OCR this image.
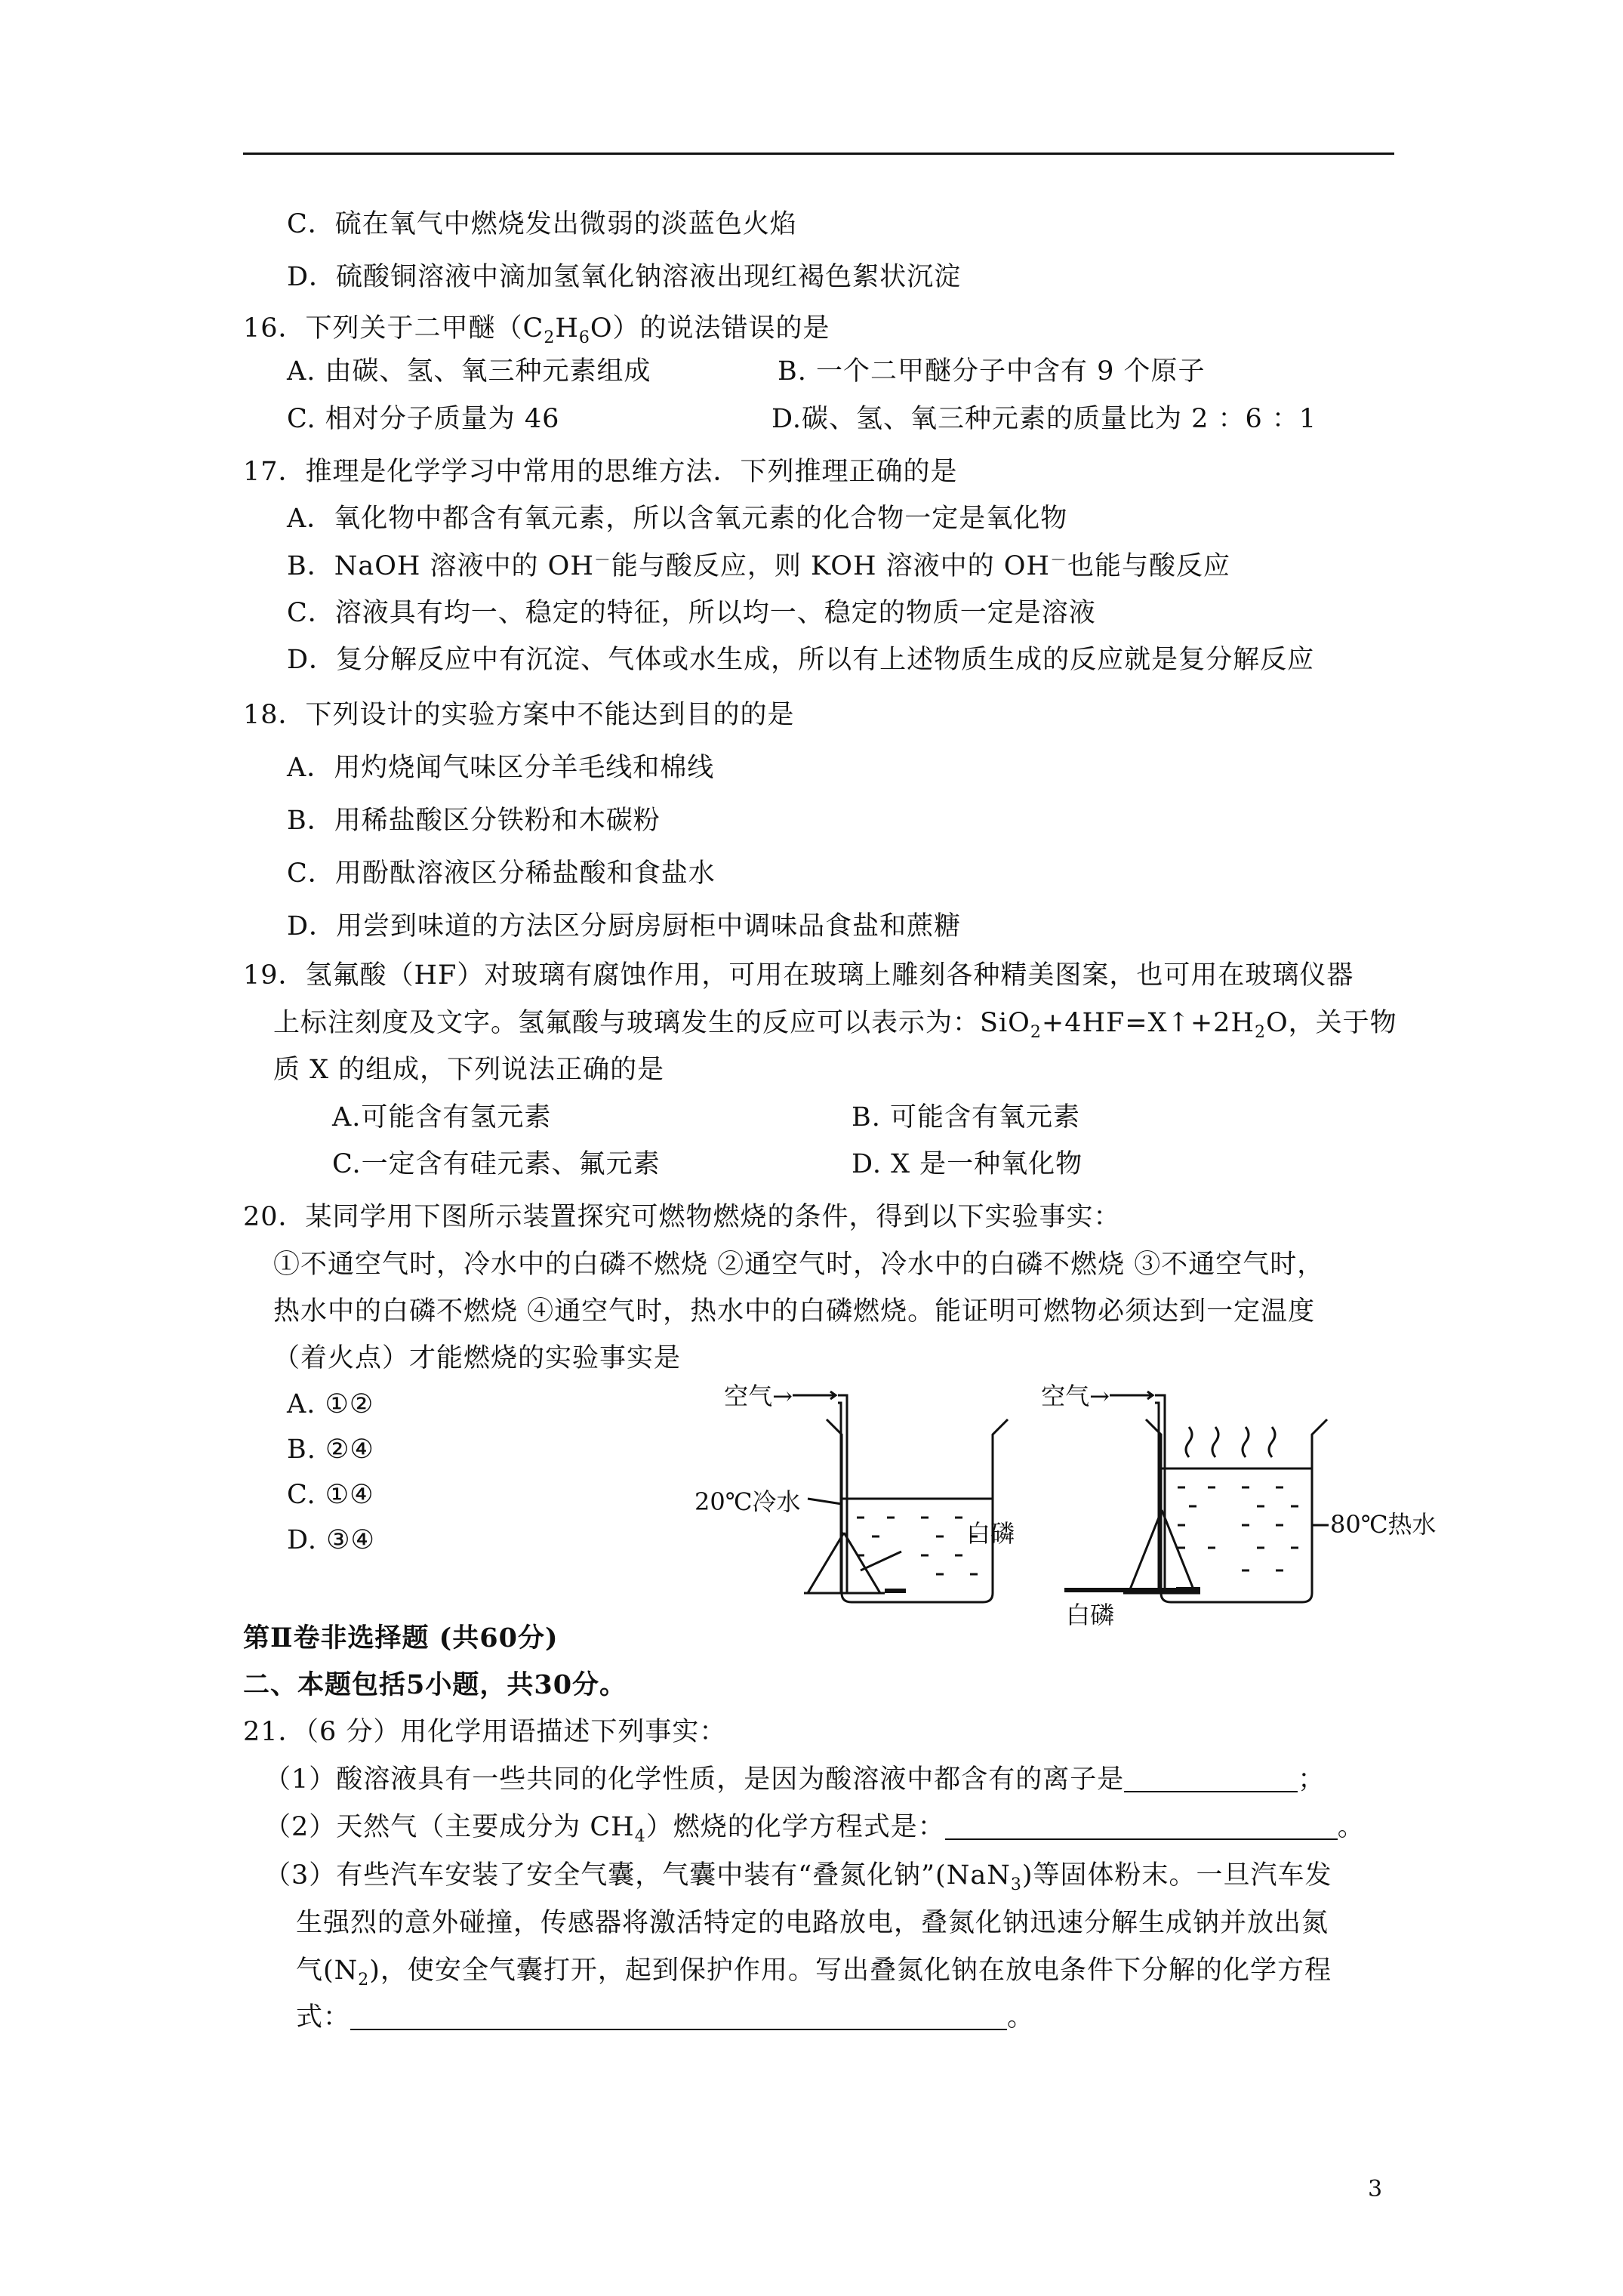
C．硫在氧气中燃烧发出微弱的淡蓝色火焰
D．硫酸铜溶液中滴加氢氧化钠溶液出现红褐色絮状沉淀
16．下列关于二甲醚$(C_2H_6O)$的说法错误的是
A. 由碳、氢、氧三种元素组成	B. 一个二甲醚分子中含有 9 个原子
C. 相对分子质量为 46	D.碳、氢、氧三种元素的质量比为 2 ：6 ：1
17．推理是化学学习中常用的思维方法．下列推理正确的是
A．氧化物中都含有氧元素，所以含氧元素的化合物一定是氧化物
B．NaOH 溶液中的 OH－能与酸反应，则 KOH 溶液中的 OH－也能与酸反应
C．溶液具有均一、稳定的特征，所以均一、稳定的物质一定是溶液
D．复分解反应中有沉淀、气体或水生成，所以有上述物质生成的反应就是复分解反应
18．下列设计的实验方案中不能达到目的的是
A．用灼烧闻气味区分羊毛线和棉线
B．用稀盐酸区分铁粉和木碳粉
C．用酚酞溶液区分稀盐酸和食盐水
D．用尝到味道的方法区分厨房厨柜中调味品食盐和蔗糖
19．氢氟酸（HF）对玻璃有腐蚀作用，可用在玻璃上雕刻各种精美图案，也可用在玻璃仪器
上标注刻度及文字。氢氟酸与玻璃发生的反应可以表示为：$SiO_2+4HF=X↑+2H_2O$，关于物
质 X 的组成，下列说法正确的是
A.可能含有氢元素	B. 可能含有氧元素
C.一定含有硅元素、氟元素	D. X 是一种氧化物
20．某同学用下图所示装置探究可燃物燃烧的条件，得到以下实验事实：
①不通空气时，冷水中的白磷不燃烧 ②通空气时，冷水中的白磷不燃烧 ③不通空气时，
热水中的白磷不燃烧 ④通空气时，热水中的白磷燃烧。能证明可燃物必须达到一定温度
（着火点）才能燃烧的实验事实是
A. ①②
B. ②④
C. ①④
D. ③④
空气→
20℃冷水
白磷
空气→
80℃热水
白磷
第Ⅱ卷非选择题 (共60分)
二、本题包括5小题，共30分。
21．（6 分）用化学用语描述下列事实：
（1）酸溶液具有一些共同的化学性质，是因为酸溶液中都含有的离子是	；
（2）天然气（主要成分为 $CH_4$）燃烧的化学方程式是：	。
（3）有些汽车安装了安全气囊，气囊中装有“叠氮化钠”(NaN$_3$)等固体粉末。一旦汽车发
生强烈的意外碰撞，传感器将激活特定的电路放电，叠氮化钠迅速分解生成钠并放出氮
气$(N_2)$，使安全气囊打开，起到保护作用。写出叠氮化钠在放电条件下分解的化学方程
式：	。
3
